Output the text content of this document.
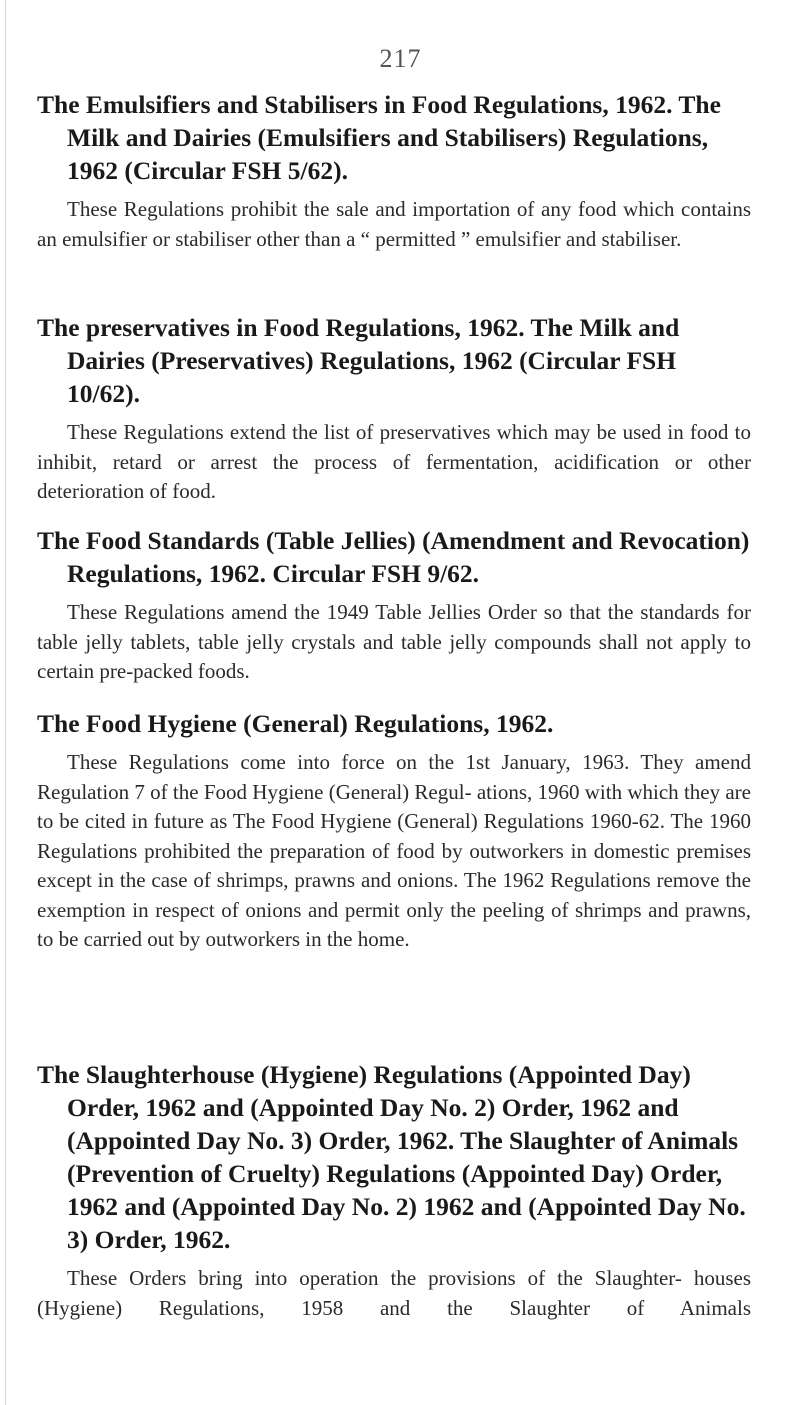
217
The Emulsifiers and Stabilisers in Food Regulations, 1962. The Milk and Dairies (Emulsifiers and Stabilisers) Regulations, 1962 (Circular FSH 5/62).

These Regulations prohibit the sale and importation of any food which contains an emulsifier or stabiliser other than a “ permitted ” emulsifier and stabiliser.

The preservatives in Food Regulations, 1962. The Milk and Dairies (Preservatives) Regulations, 1962 (Circular FSH 10/62).

These Regulations extend the list of preservatives which may be used in food to inhibit, retard or arrest the process of fermentation, acidification or other deterioration of food.

The Food Standards (Table Jellies) (Amendment and Revocation) Regulations, 1962. Circular FSH 9/62.

These Regulations amend the 1949 Table Jellies Order so that the standards for table jelly tablets, table jelly crystals and table jelly compounds shall not apply to certain pre-packed foods.

The Food Hygiene (General) Regulations, 1962.

These Regulations come into force on the 1st January, 1963. They amend Regulation 7 of the Food Hygiene (General) Regul- ations, 1960 with which they are to be cited in future as The Food Hygiene (General) Regulations 1960-62. The 1960 Regulations prohibited the preparation of food by outworkers in domestic premises except in the case of shrimps, prawns and onions. The 1962 Regulations remove the exemption in respect of onions and permit only the peeling of shrimps and prawns, to be carried out by outworkers in the home.

The Slaughterhouse (Hygiene) Regulations (Appointed Day) Order, 1962 and (Appointed Day No. 2) Order, 1962 and (Appointed Day No. 3) Order, 1962. The Slaughter of Animals (Prevention of Cruelty) Regulations (Appointed Day) Order, 1962 and (Appointed Day No. 2) 1962 and (Appointed Day No. 3) Order, 1962.

These Orders bring into operation the provisions of the Slaughter- houses (Hygiene) Regulations, 1958 and the Slaughter of Animals
